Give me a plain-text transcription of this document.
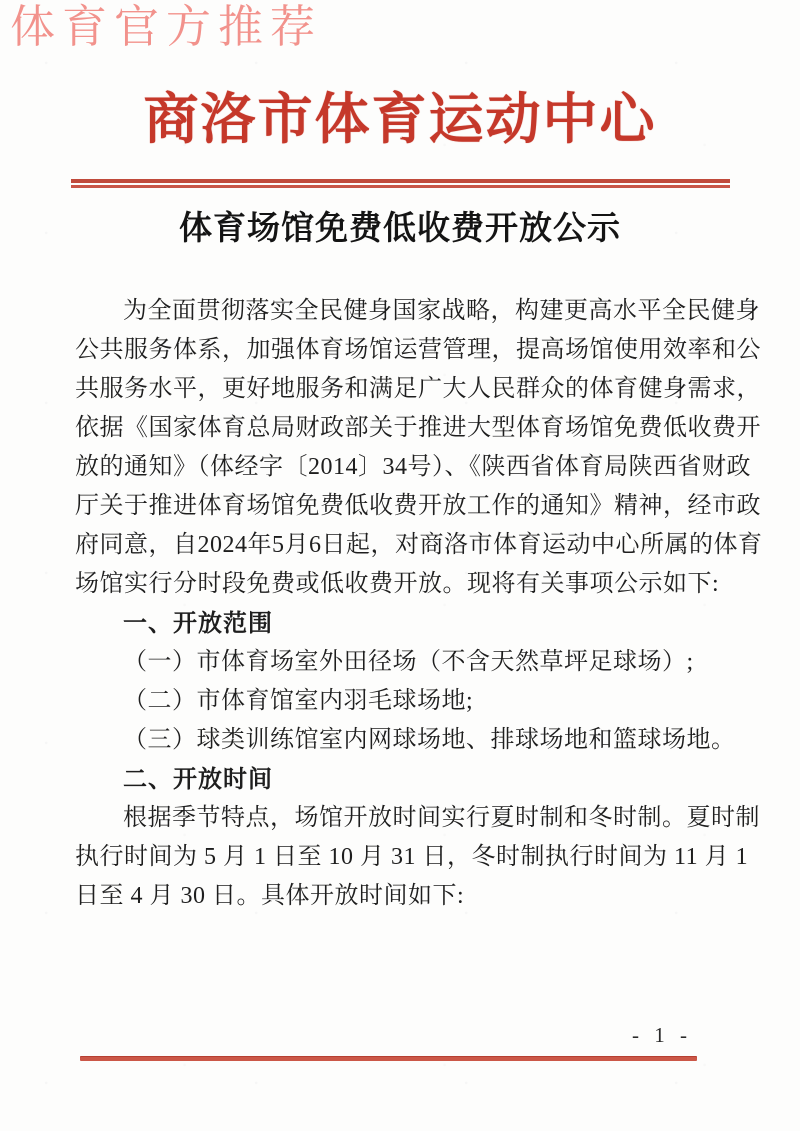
体育官方推荐
商洛市体育运动中心
体育场馆免费低收费开放公示
为全面贯彻落实全民健身国家战略，构建更高水平全民健身
公共服务体系，加强体育场馆运营管理，提高场馆使用效率和公
共服务水平，更好地服务和满足广大人民群众的体育健身需求，
依据《国家体育总局财政部关于推进大型体育场馆免费低收费开
放的通知》（体经字〔2014〕34号）、《陕西省体育局陕西省财政
厅关于推进体育场馆免费低收费开放工作的通知》精神，经市政
府同意，自2024年5月6日起，对商洛市体育运动中心所属的体育
场馆实行分时段免费或低收费开放。现将有关事项公示如下:
一、开放范围
（一）市体育场室外田径场（不含天然草坪足球场）;
（二）市体育馆室内羽毛球场地;
（三）球类训练馆室内网球场地、排球场地和篮球场地。
二、开放时间
根据季节特点，场馆开放时间实行夏时制和冬时制。夏时制
执行时间为 5 月 1 日至 10 月 31 日，冬时制执行时间为 11 月 1
日至 4 月 30 日。具体开放时间如下:
- 1 -
